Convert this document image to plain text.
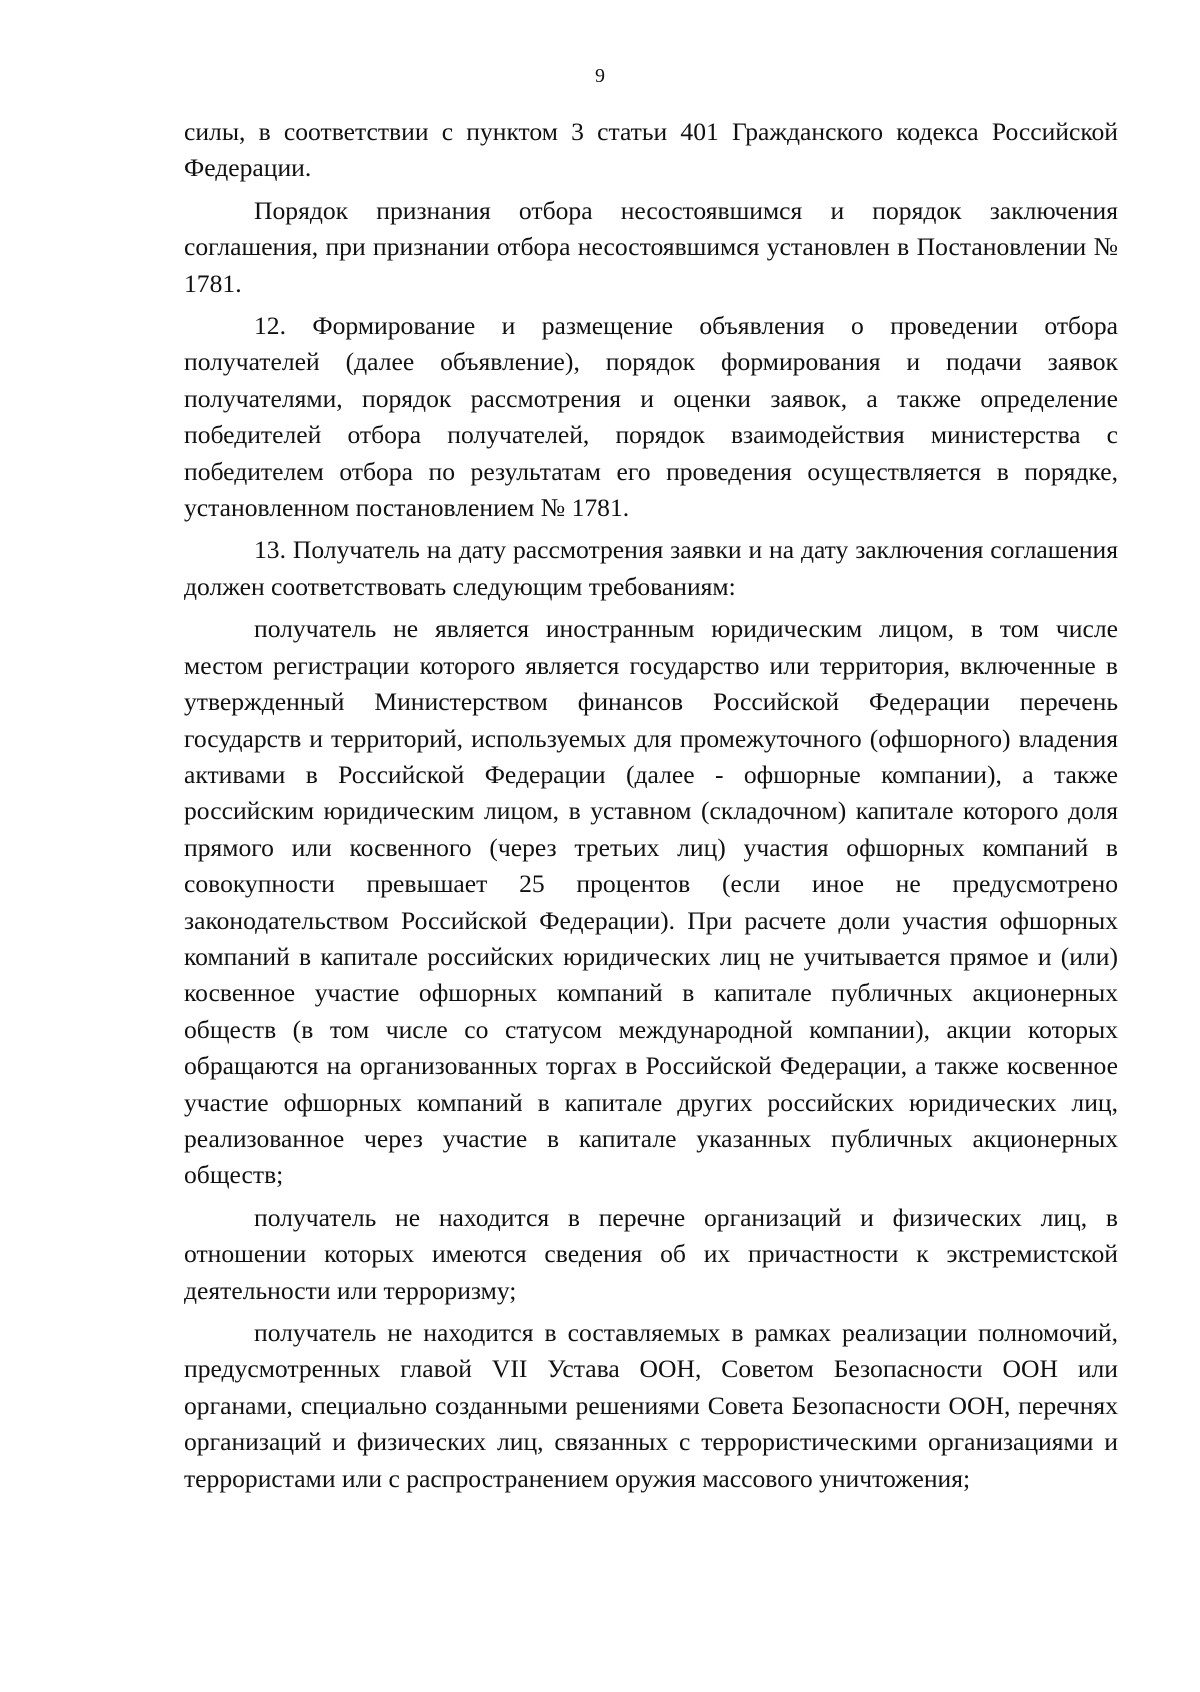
9

силы, в соответствии с пунктом 3 статьи 401 Гражданского кодекса Российской Федерации.

Порядок признания отбора несостоявшимся и порядок заключения соглашения, при признании отбора несостоявшимся установлен в Постановлении № 1781.

12. Формирование и размещение объявления о проведении отбора получателей (далее объявление), порядок формирования и подачи заявок получателями, порядок рассмотрения и оценки заявок, а также определение победителей отбора получателей, порядок взаимодействия министерства с победителем отбора по результатам его проведения осуществляется в порядке, установленном постановлением № 1781.

13. Получатель на дату рассмотрения заявки и на дату заключения соглашения должен соответствовать следующим требованиям:

получатель не является иностранным юридическим лицом, в том числе местом регистрации которого является государство или территория, включенные в утвержденный Министерством финансов Российской Федерации перечень государств и территорий, используемых для промежуточного (офшорного) владения активами в Российской Федерации (далее - офшорные компании), а также российским юридическим лицом, в уставном (складочном) капитале которого доля прямого или косвенного (через третьих лиц) участия офшорных компаний в совокупности превышает 25 процентов (если иное не предусмотрено законодательством Российской Федерации). При расчете доли участия офшорных компаний в капитале российских юридических лиц не учитывается прямое и (или) косвенное участие офшорных компаний в капитале публичных акционерных обществ (в том числе со статусом международной компании), акции которых обращаются на организованных торгах в Российской Федерации, а также косвенное участие офшорных компаний в капитале других российских юридических лиц, реализованное через участие в капитале указанных публичных акционерных обществ;

получатель не находится в перечне организаций и физических лиц, в отношении которых имеются сведения об их причастности к экстремистской деятельности или терроризму;

получатель не находится в составляемых в рамках реализации полномочий, предусмотренных главой VII Устава ООН, Советом Безопасности ООН или органами, специально созданными решениями Совета Безопасности ООН, перечнях организаций и физических лиц, связанных с террористическими организациями и террористами или с распространением оружия массового уничтожения;
